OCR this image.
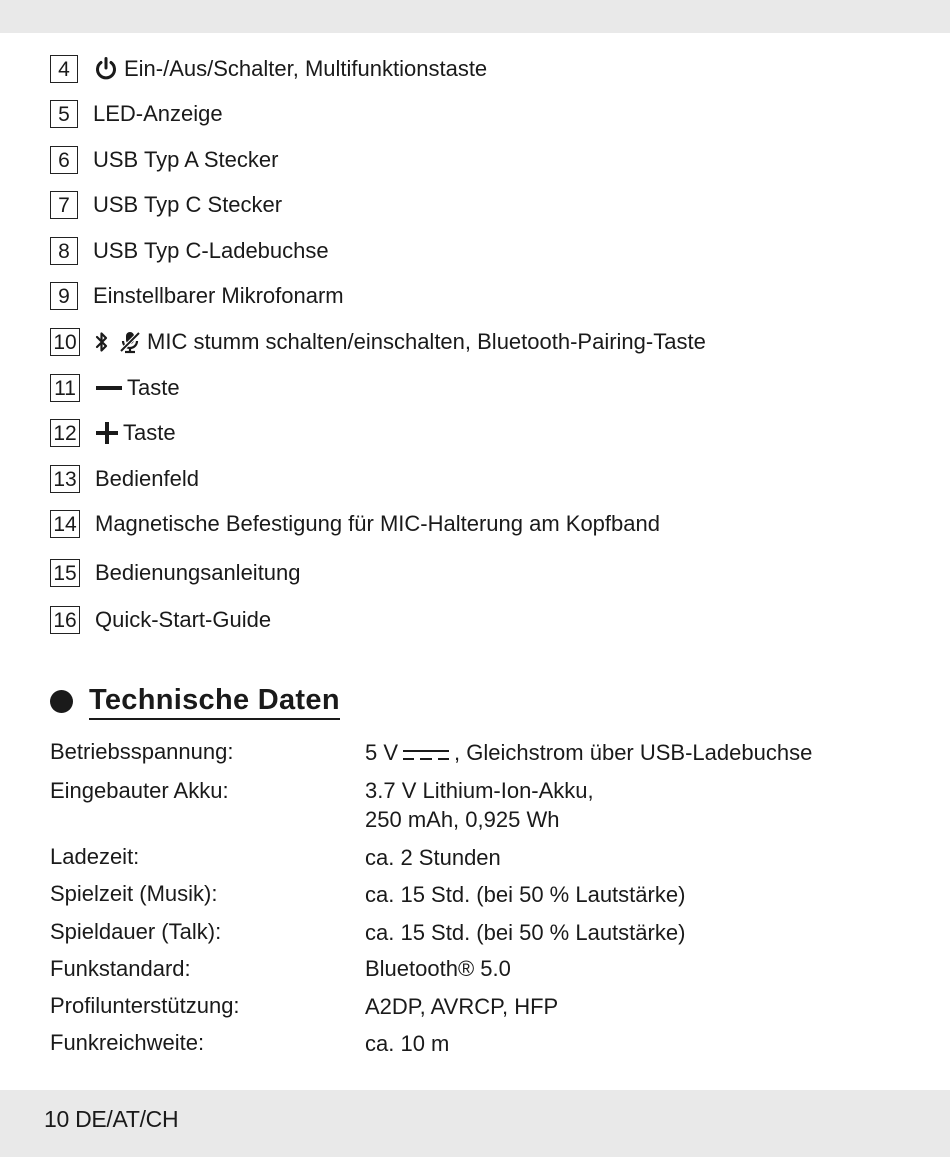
4	Ein-/Aus/Schalter, Multifunktionstaste
5	LED-Anzeige
6	USB Typ A Stecker
7	USB Typ C Stecker
8	USB Typ C-Ladebuchse
9	Einstellbarer Mikrofonarm
10	MIC stumm schalten/einschalten, Bluetooth-Pairing-Taste
11 Taste
12 Taste
13 Bedienfeld
14 Magnetische Befestigung für MIC-Halterung am Kopfband
15 Bedienungsanleitung
16 Quick-Start-Guide
Technische Daten
Betriebsspannung:	5 V	, Gleichstrom über USB-Ladebuchse
Eingebauter Akku:	3.7 V Lithium-Ion-Akku,
250 mAh, 0,925 Wh
Ladezeit:	ca. 2 Stunden
Spielzeit (Musik):	ca. 15 Std. (bei 50 % Lautstärke)
Spieldauer (Talk):	ca. 15 Std. (bei 50 % Lautstärke)
Funkstandard:	Bluetooth® 5.0
Profilunterstützung:	A2DP, AVRCP, HFP
Funkreichweite:	ca. 10 m
10 DE/AT/CH
